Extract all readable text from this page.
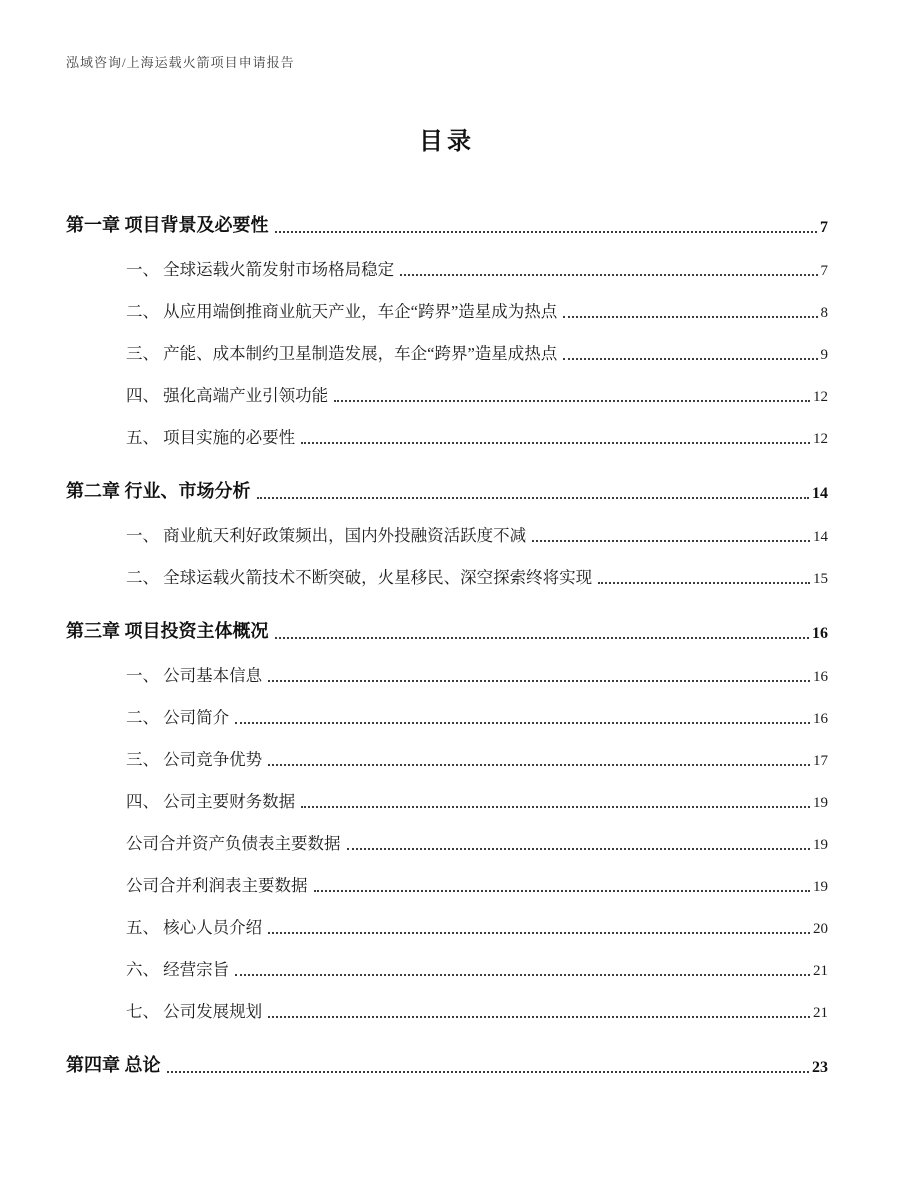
泓域咨询/上海运载火箭项目申请报告
目录
第一章 项目背景及必要性	7
一、 全球运载火箭发射市场格局稳定	7
二、 从应用端倒推商业航天产业，车企“跨界”造星成为热点	8
三、 产能、成本制约卫星制造发展，车企“跨界”造星成热点	9
四、 强化高端产业引领功能	12
五、 项目实施的必要性	12
第二章 行业、市场分析	14
一、 商业航天利好政策频出，国内外投融资活跃度不减	14
二、 全球运载火箭技术不断突破，火星移民、深空探索终将实现	15
第三章 项目投资主体概况	16
一、 公司基本信息	16
二、 公司简介	16
三、 公司竞争优势	17
四、 公司主要财务数据	19
公司合并资产负债表主要数据	19
公司合并利润表主要数据	19
五、 核心人员介绍	20
六、 经营宗旨	21
七、 公司发展规划	21
第四章 总论	23
